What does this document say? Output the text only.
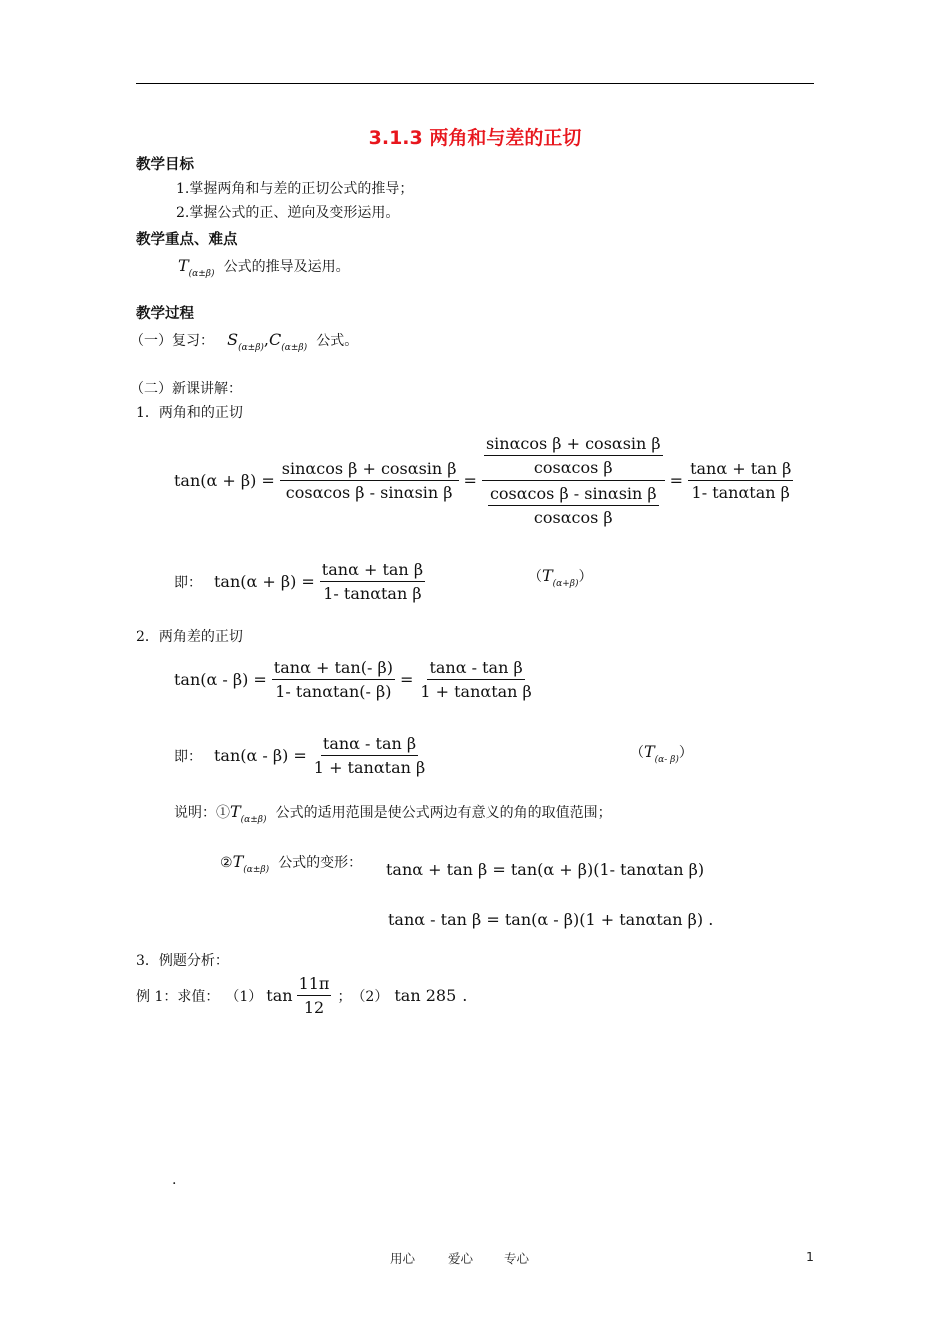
3.1.3 两角和与差的正切
教学目标
1.掌握两角和与差的正切公式的推导；
2.掌握公式的正、逆向及变形运用。
教学重点、难点
$T_{(\alpha\pm\beta)}$ 公式的推导及运用。
教学过程
（一）复习： $S_{(\alpha\pm\beta)},C_{(\alpha\pm\beta)}$ 公式。
（二）新课讲解：
1．两角和的正切
$\tan(\alpha + \beta) = \frac{\text{sinαcos β + cosαsin β}}{\text{cosαcos β - sinαsin β}} = \frac{\frac{\text{sinαcos β + cosαsin β}}{\text{cosαcos β}}}{\frac{\text{cosαcos β - sinαsin β}}{\text{cosαcos β}}} = \frac{\text{tanα + tan β}}{\text{1- tanαtan β}}$
即： $\tan(\alpha + \beta) = \frac{\text{tanα + tan β}}{\text{1- tanαtan β}}$	$(T_{(\alpha+\beta)})$
2．两角差的正切
$\tan(\alpha - \beta) = \frac{\tan\alpha + \tan(- \beta)}{1- \tan\alpha\tan(- \beta)} = \frac{\text{tanα - tan β}}{\text{1 + tanαtan β}}$
即： $\tan(\alpha - \beta) = \frac{\text{tanα - tan β}}{\text{1 + tanαtan β}}$	$(T_{(\alpha- \beta)})$
说明：$①T_{(\alpha\pm\beta)}$ 公式的适用范围是使公式两边有意义的角的取值范围；
$②T_{(\alpha\pm\beta)}$ 公式的变形： tanα + tan β = tan(α + β)(1- tanαtan β)
tanα - tan β = tan(α - β)(1 + tanαtan β) .
3．例题分析：
例 1：求值： （1） $\tan \frac{11\pi}{12}$ ； （2） tan 285 .
.
用心	爱心 专心	1
